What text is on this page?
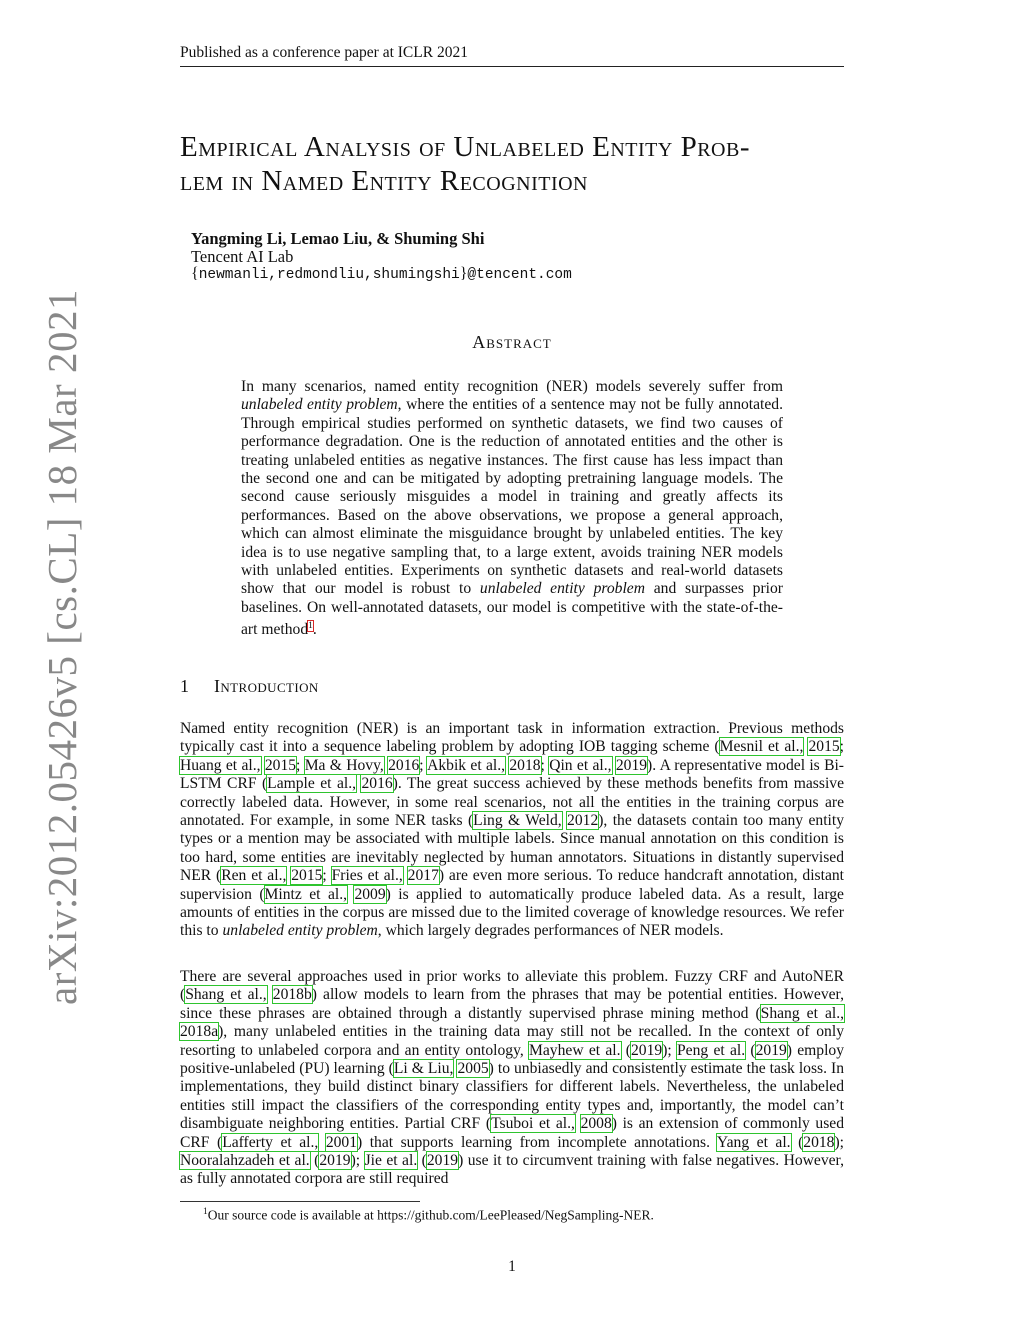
Published as a conference paper at ICLR 2021
arXiv:2012.05426v5 [cs.CL] 18 Mar 2021
Empirical Analysis of Unlabeled Entity Prob-
lem in Named Entity Recognition
Yangming Li, Lemao Liu, & Shuming Shi
Tencent AI Lab
{newmanli,redmondliu,shumingshi}@tencent.com
Abstract
In many scenarios, named entity recognition (NER) models severely suffer from unlabeled entity problem, where the entities of a sentence may not be fully annotated. Through empirical studies performed on synthetic datasets, we find two causes of performance degradation. One is the reduction of annotated entities and the other is treating unlabeled entities as negative instances. The first cause has less impact than the second one and can be mitigated by adopting pretraining language models. The second cause seriously misguides a model in training and greatly affects its performances. Based on the above observations, we propose a general approach, which can almost eliminate the misguidance brought by unlabeled entities. The key idea is to use negative sampling that, to a large extent, avoids training NER models with unlabeled entities. Experiments on synthetic datasets and real-world datasets show that our model is robust to unlabeled entity problem and surpasses prior baselines. On well-annotated datasets, our model is competitive with the state-of-the-art method$^1$.
1 Introduction
Named entity recognition (NER) is an important task in information extraction. Previous methods typically cast it into a sequence labeling problem by adopting IOB tagging scheme (Mesnil et al., 2015; Huang et al., 2015; Ma & Hovy, 2016; Akbik et al., 2018; Qin et al., 2019). A representative model is Bi-LSTM CRF (Lample et al., 2016). The great success achieved by these methods benefits from massive correctly labeled data. However, in some real scenarios, not all the entities in the training corpus are annotated. For example, in some NER tasks (Ling & Weld, 2012), the datasets contain too many entity types or a mention may be associated with multiple labels. Since manual annotation on this condition is too hard, some entities are inevitably neglected by human annotators. Situations in distantly supervised NER (Ren et al., 2015; Fries et al., 2017) are even more serious. To reduce handcraft annotation, distant supervision (Mintz et al., 2009) is applied to automatically produce labeled data. As a result, large amounts of entities in the corpus are missed due to the limited coverage of knowledge resources. We refer this to unlabeled entity problem, which largely degrades performances of NER models.
There are several approaches used in prior works to alleviate this problem. Fuzzy CRF and AutoNER (Shang et al., 2018b) allow models to learn from the phrases that may be potential entities. However, since these phrases are obtained through a distantly supervised phrase mining method (Shang et al., 2018a), many unlabeled entities in the training data may still not be recalled. In the context of only resorting to unlabeled corpora and an entity ontology, Mayhew et al. (2019); Peng et al. (2019) employ positive-unlabeled (PU) learning (Li & Liu, 2005) to unbiasedly and consistently estimate the task loss. In implementations, they build distinct binary classifiers for different labels. Nevertheless, the unlabeled entities still impact the classifiers of the corresponding entity types and, importantly, the model can’t disambiguate neighboring entities. Partial CRF (Tsuboi et al., 2008) is an extension of commonly used CRF (Lafferty et al., 2001) that supports learning from incomplete annotations. Yang et al. (2018); Nooralahzadeh et al. (2019); Jie et al. (2019) use it to circumvent training with false negatives. However, as fully annotated corpora are still required
$^1$Our source code is available at https://github.com/LeePleased/NegSampling-NER.
1
